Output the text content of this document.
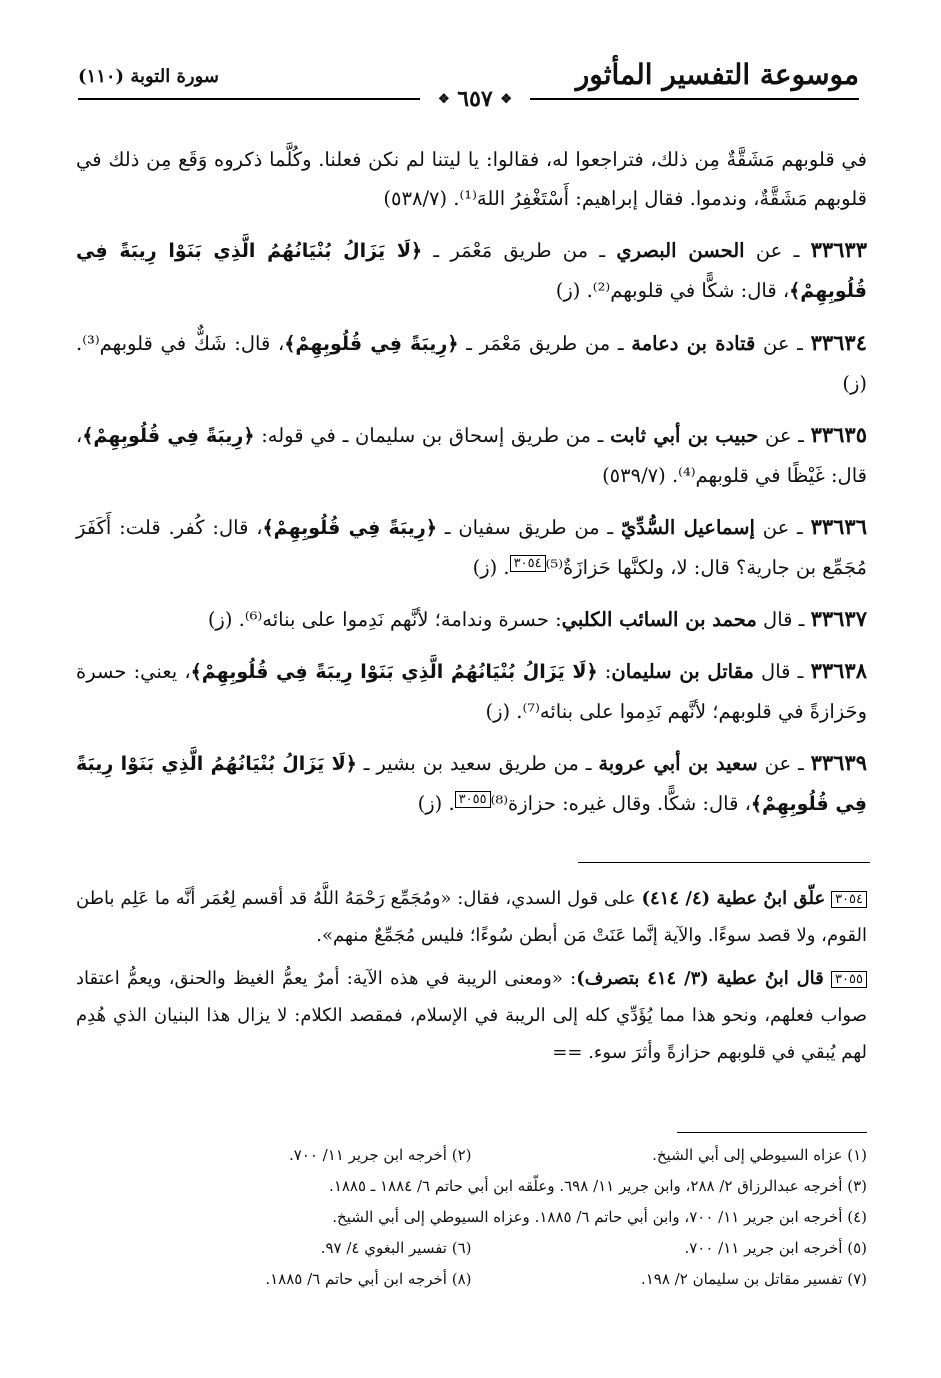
موسوعة التفسير المأثور
سورة التوبة (١١٠)
❖ ٦٥٧ ❖

في قلوبهم مَشَقَّةٌ مِن ذلك، فتراجعوا له، فقالوا: يا ليتنا لم نكن فعلنا. وكُلَّما ذكروه وَقَع مِن ذلك في قلوبهم مَشَقَّةٌ، وندموا. فقال إبراهيم: أَسْتَغْفِرُ اللهَ⁽¹⁾. (٥٣٨/٧)

٣٣٦٣٣ ـ عن الحسن البصري ـ من طريق مَعْمَر ـ ﴿لَا يَزَالُ بُنْيَانُهُمُ الَّذِي بَنَوْا رِيبَةً فِي قُلُوبِهِمْ﴾، قال: شكًّا في قلوبهم⁽²⁾. (ز)

٣٣٦٣٤ ـ عن قتادة بن دعامة ـ من طريق مَعْمَر ـ ﴿رِيبَةً فِي قُلُوبِهِمْ﴾، قال: شَكٌّ في قلوبهم⁽³⁾. (ز)

٣٣٦٣٥ ـ عن حبيب بن أبي ثابت ـ من طريق إسحاق بن سليمان ـ في قوله: ﴿رِيبَةً فِي قُلُوبِهِمْ﴾، قال: غَيْظًا في قلوبهم⁽⁴⁾. (٥٣٩/٧)

٣٣٦٣٦ ـ عن إسماعيل السُّدِّيّ ـ من طريق سفيان ـ ﴿رِيبَةً فِي قُلُوبِهِمْ﴾، قال: كُفر. قلت: أَكَفَرَ مُجَمِّع بن جارية؟ قال: لا، ولكنَّها حَزازَةٌ⁽⁵⁾٣٠٥٤. (ز)

٣٣٦٣٧ ـ قال محمد بن السائب الكلبي: حسرة وندامة؛ لأنَّهم نَدِموا على بنائه⁽⁶⁾. (ز)

٣٣٦٣٨ ـ قال مقاتل بن سليمان: ﴿لَا يَزَالُ بُنْيَانُهُمُ الَّذِي بَنَوْا رِيبَةً فِي قُلُوبِهِمْ﴾، يعني: حسرة وحَزازةً في قلوبهم؛ لأنَّهم نَدِموا على بنائه⁽⁷⁾. (ز)

٣٣٦٣٩ ـ عن سعيد بن أبي عروبة ـ من طريق سعيد بن بشير ـ ﴿لَا يَزَالُ بُنْيَانُهُمُ الَّذِي بَنَوْا رِيبَةً فِي قُلُوبِهِمْ﴾، قال: شكًّا. وقال غيره: حزازة⁽⁸⁾٣٠٥٥. (ز)

٣٠٥٤ علّق ابنُ عطية (٤/ ٤١٤) على قول السدي، فقال: «ومُجَمِّع رَحْمَهُ اللَّهُ قد أقسم لِعُمَر أنَّه ما عَلِم باطن القوم، ولا قصد سوءًا. والآية إنَّما عَنَتْ مَن أبطن سُوءًا؛ فليس مُجَمِّعٌ منهم».

٣٠٥٥ قال ابنُ عطية (٣/ ٤١٤ بتصرف): «ومعنى الريبة في هذه الآية: أمرٌ يعمُّ الغيظ والحنق، ويعمُّ اعتقاد صواب فعلهم، ونحو هذا مما يُؤَدِّي كله إلى الريبة في الإسلام، فمقصد الكلام: لا يزال هذا البنيان الذي هُدِم لهم يُبقي في قلوبهم حزازةً وأثرَ سوء. ==

(١) عزاه السيوطي إلى أبي الشيخ.
(٢) أخرجه ابن جرير ١١/ ٧٠٠.
(٣) أخرجه عبدالرزاق ٢/ ٢٨٨، وابن جرير ١١/ ٦٩٨. وعلّقه ابن أبي حاتم ٦/ ١٨٨٤ ـ ١٨٨٥.
(٤) أخرجه ابن جرير ١١/ ٧٠٠، وابن أبي حاتم ٦/ ١٨٨٥. وعزاه السيوطي إلى أبي الشيخ.
(٥) أخرجه ابن جرير ١١/ ٧٠٠.
(٦) تفسير البغوي ٤/ ٩٧.
(٧) تفسير مقاتل بن سليمان ٢/ ١٩٨.
(٨) أخرجه ابن أبي حاتم ٦/ ١٨٨٥.
